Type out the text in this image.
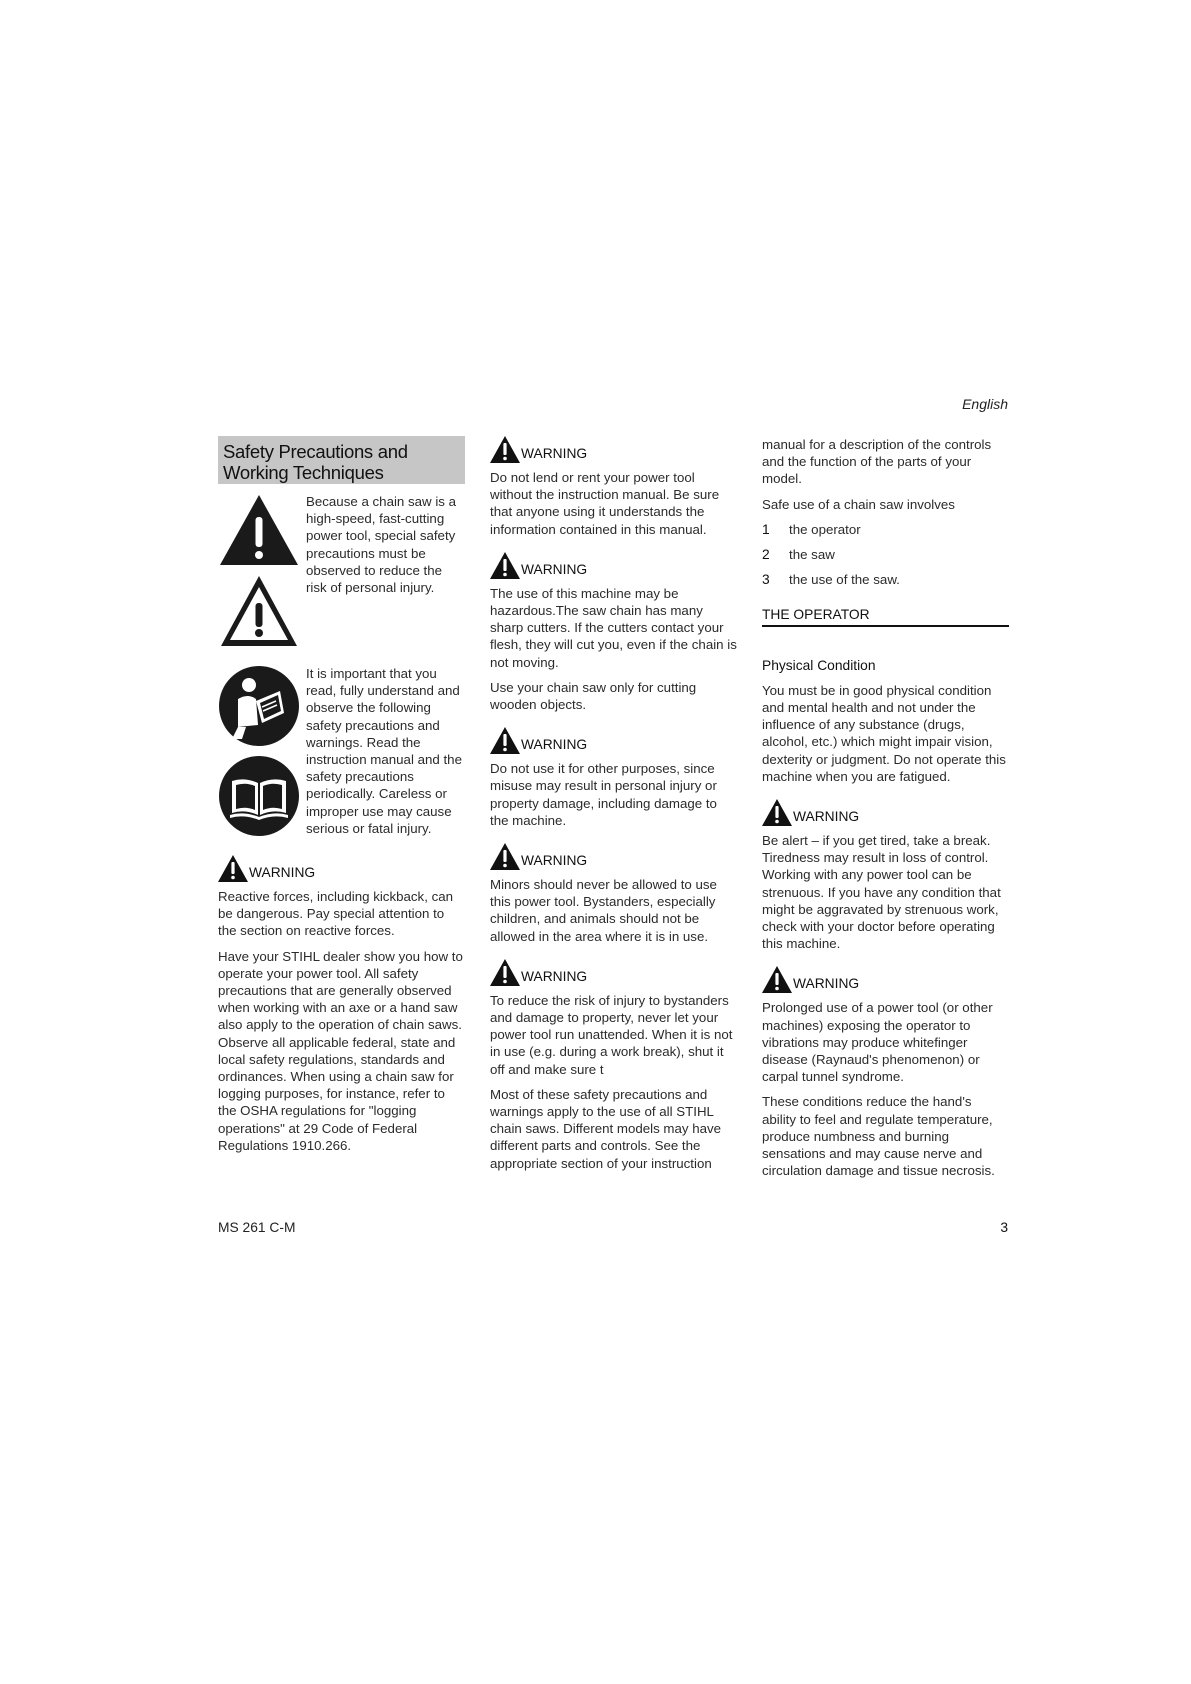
English
Safety Precautions and
Working Techniques
Because a chain saw is a high-speed, fast-cutting power tool, special safety precautions must be observed to reduce the risk of personal injury.
It is important that you read, fully understand and observe the following safety precautions and warnings. Read the instruction manual and the safety precautions periodically. Careless or improper use may cause serious or fatal injury.
WARNING

Reactive forces, including kickback, can be dangerous. Pay special attention to the section on reactive forces.

Have your STIHL dealer show you how to operate your power tool. All safety precautions that are generally observed when working with an axe or a hand saw also apply to the operation of chain saws. Observe all applicable federal, state and local safety regulations, standards and ordinances. When using a chain saw for logging purposes, for instance, refer to the OSHA regulations for "logging operations" at 29 Code of Federal Regulations 1910.266.

WARNING

Do not lend or rent your power tool without the instruction manual. Be sure that anyone using it understands the information contained in this manual.

WARNING

The use of this machine may be hazardous.The saw chain has many sharp cutters. If the cutters contact your flesh, they will cut you, even if the chain is not moving.

Use your chain saw only for cutting wooden objects.

WARNING

Do not use it for other purposes, since misuse may result in personal injury or property damage, including damage to the machine.

WARNING

Minors should never be allowed to use this power tool. Bystanders, especially children, and animals should not be allowed in the area where it is in use.

WARNING

To reduce the risk of injury to bystanders and damage to property, never let your power tool run unattended. When it is not in use (e.g. during a work break), shut it off and make sure t

Most of these safety precautions and warnings apply to the use of all STIHL chain saws. Different models may have different parts and controls. See the appropriate section of your instruction

manual for a description of the controls and the function of the parts of your model.

Safe use of a chain saw involves

1	the operator
2	the saw
3	the use of the saw.
THE OPERATOR
Physical Condition

You must be in good physical condition and mental health and not under the influence of any substance (drugs, alcohol, etc.) which might impair vision, dexterity or judgment. Do not operate this machine when you are fatigued.

WARNING

Be alert – if you get tired, take a break. Tiredness may result in loss of control. Working with any power tool can be strenuous. If you have any condition that might be aggravated by strenuous work, check with your doctor before operating this machine.

WARNING

Prolonged use of a power tool (or other machines) exposing the operator to vibrations may produce whitefinger disease (Raynaud's phenomenon) or carpal tunnel syndrome.

These conditions reduce the hand's ability to feel and regulate temperature, produce numbness and burning sensations and may cause nerve and circulation damage and tissue necrosis.

MS 261 C-M	3
